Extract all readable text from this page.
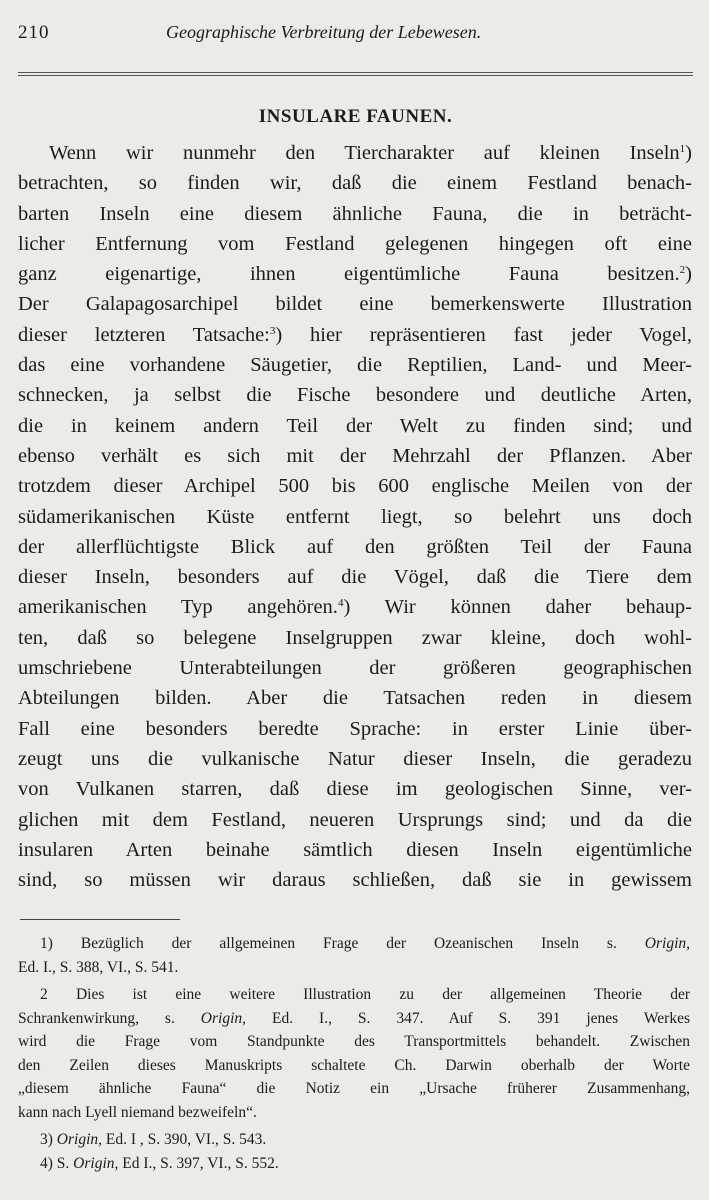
210	Geographische Verbreitung der Lebewesen.
INSULARE FAUNEN.
Wenn wir nunmehr den Tiercharakter auf kleinen Inseln$^1$)
betrachten, so finden wir, daß die einem Festland benach-
barten Inseln eine diesem ähnliche Fauna, die in beträcht-
licher Entfernung vom Festland gelegenen hingegen oft eine
ganz eigenartige, ihnen eigentümliche Fauna besitzen.$^2$)
Der Galapagosarchipel bildet eine bemerkenswerte Illustration
dieser letzteren Tatsache:$^3$) hier repräsentieren fast jeder Vogel,
das eine vorhandene Säugetier, die Reptilien, Land- und Meer-
schnecken, ja selbst die Fische besondere und deutliche Arten,
die in keinem andern Teil der Welt zu finden sind; und
ebenso verhält es sich mit der Mehrzahl der Pflanzen. Aber
trotzdem dieser Archipel 500 bis 600 englische Meilen von der
südamerikanischen Küste entfernt liegt, so belehrt uns doch
der allerflüchtigste Blick auf den größten Teil der Fauna
dieser Inseln, besonders auf die Vögel, daß die Tiere dem
amerikanischen Typ angehören.$^4$) Wir können daher behaup-
ten, daß so belegene Inselgruppen zwar kleine, doch wohl-
umschriebene Unterabteilungen der größeren geographischen
Abteilungen bilden. Aber die Tatsachen reden in diesem
Fall eine besonders beredte Sprache: in erster Linie über-
zeugt uns die vulkanische Natur dieser Inseln, die geradezu
von Vulkanen starren, daß diese im geologischen Sinne, ver-
glichen mit dem Festland, neueren Ursprungs sind; und da die
insularen Arten beinahe sämtlich diesen Inseln eigentümliche
sind, so müssen wir daraus schließen, daß sie in gewissem
1) Bezüglich der allgemeinen Frage der Ozeanischen Inseln s. Origin,
Ed. I., S. 388, VI., S. 541.
2 Dies ist eine weitere Illustration zu der allgemeinen Theorie der
Schrankenwirkung, s. Origin, Ed. I., S. 347. Auf S. 391 jenes Werkes
wird die Frage vom Standpunkte des Transportmittels behandelt. Zwischen
den Zeilen dieses Manuskripts schaltete Ch. Darwin oberhalb der Worte
„diesem ähnliche Fauna“ die Notiz ein „Ursache früherer Zusammenhang,
kann nach Lyell niemand bezweifeln“.
3) Origin, Ed. I , S. 390, VI., S. 543.
4) S. Origin, Ed I., S. 397, VI., S. 552.
